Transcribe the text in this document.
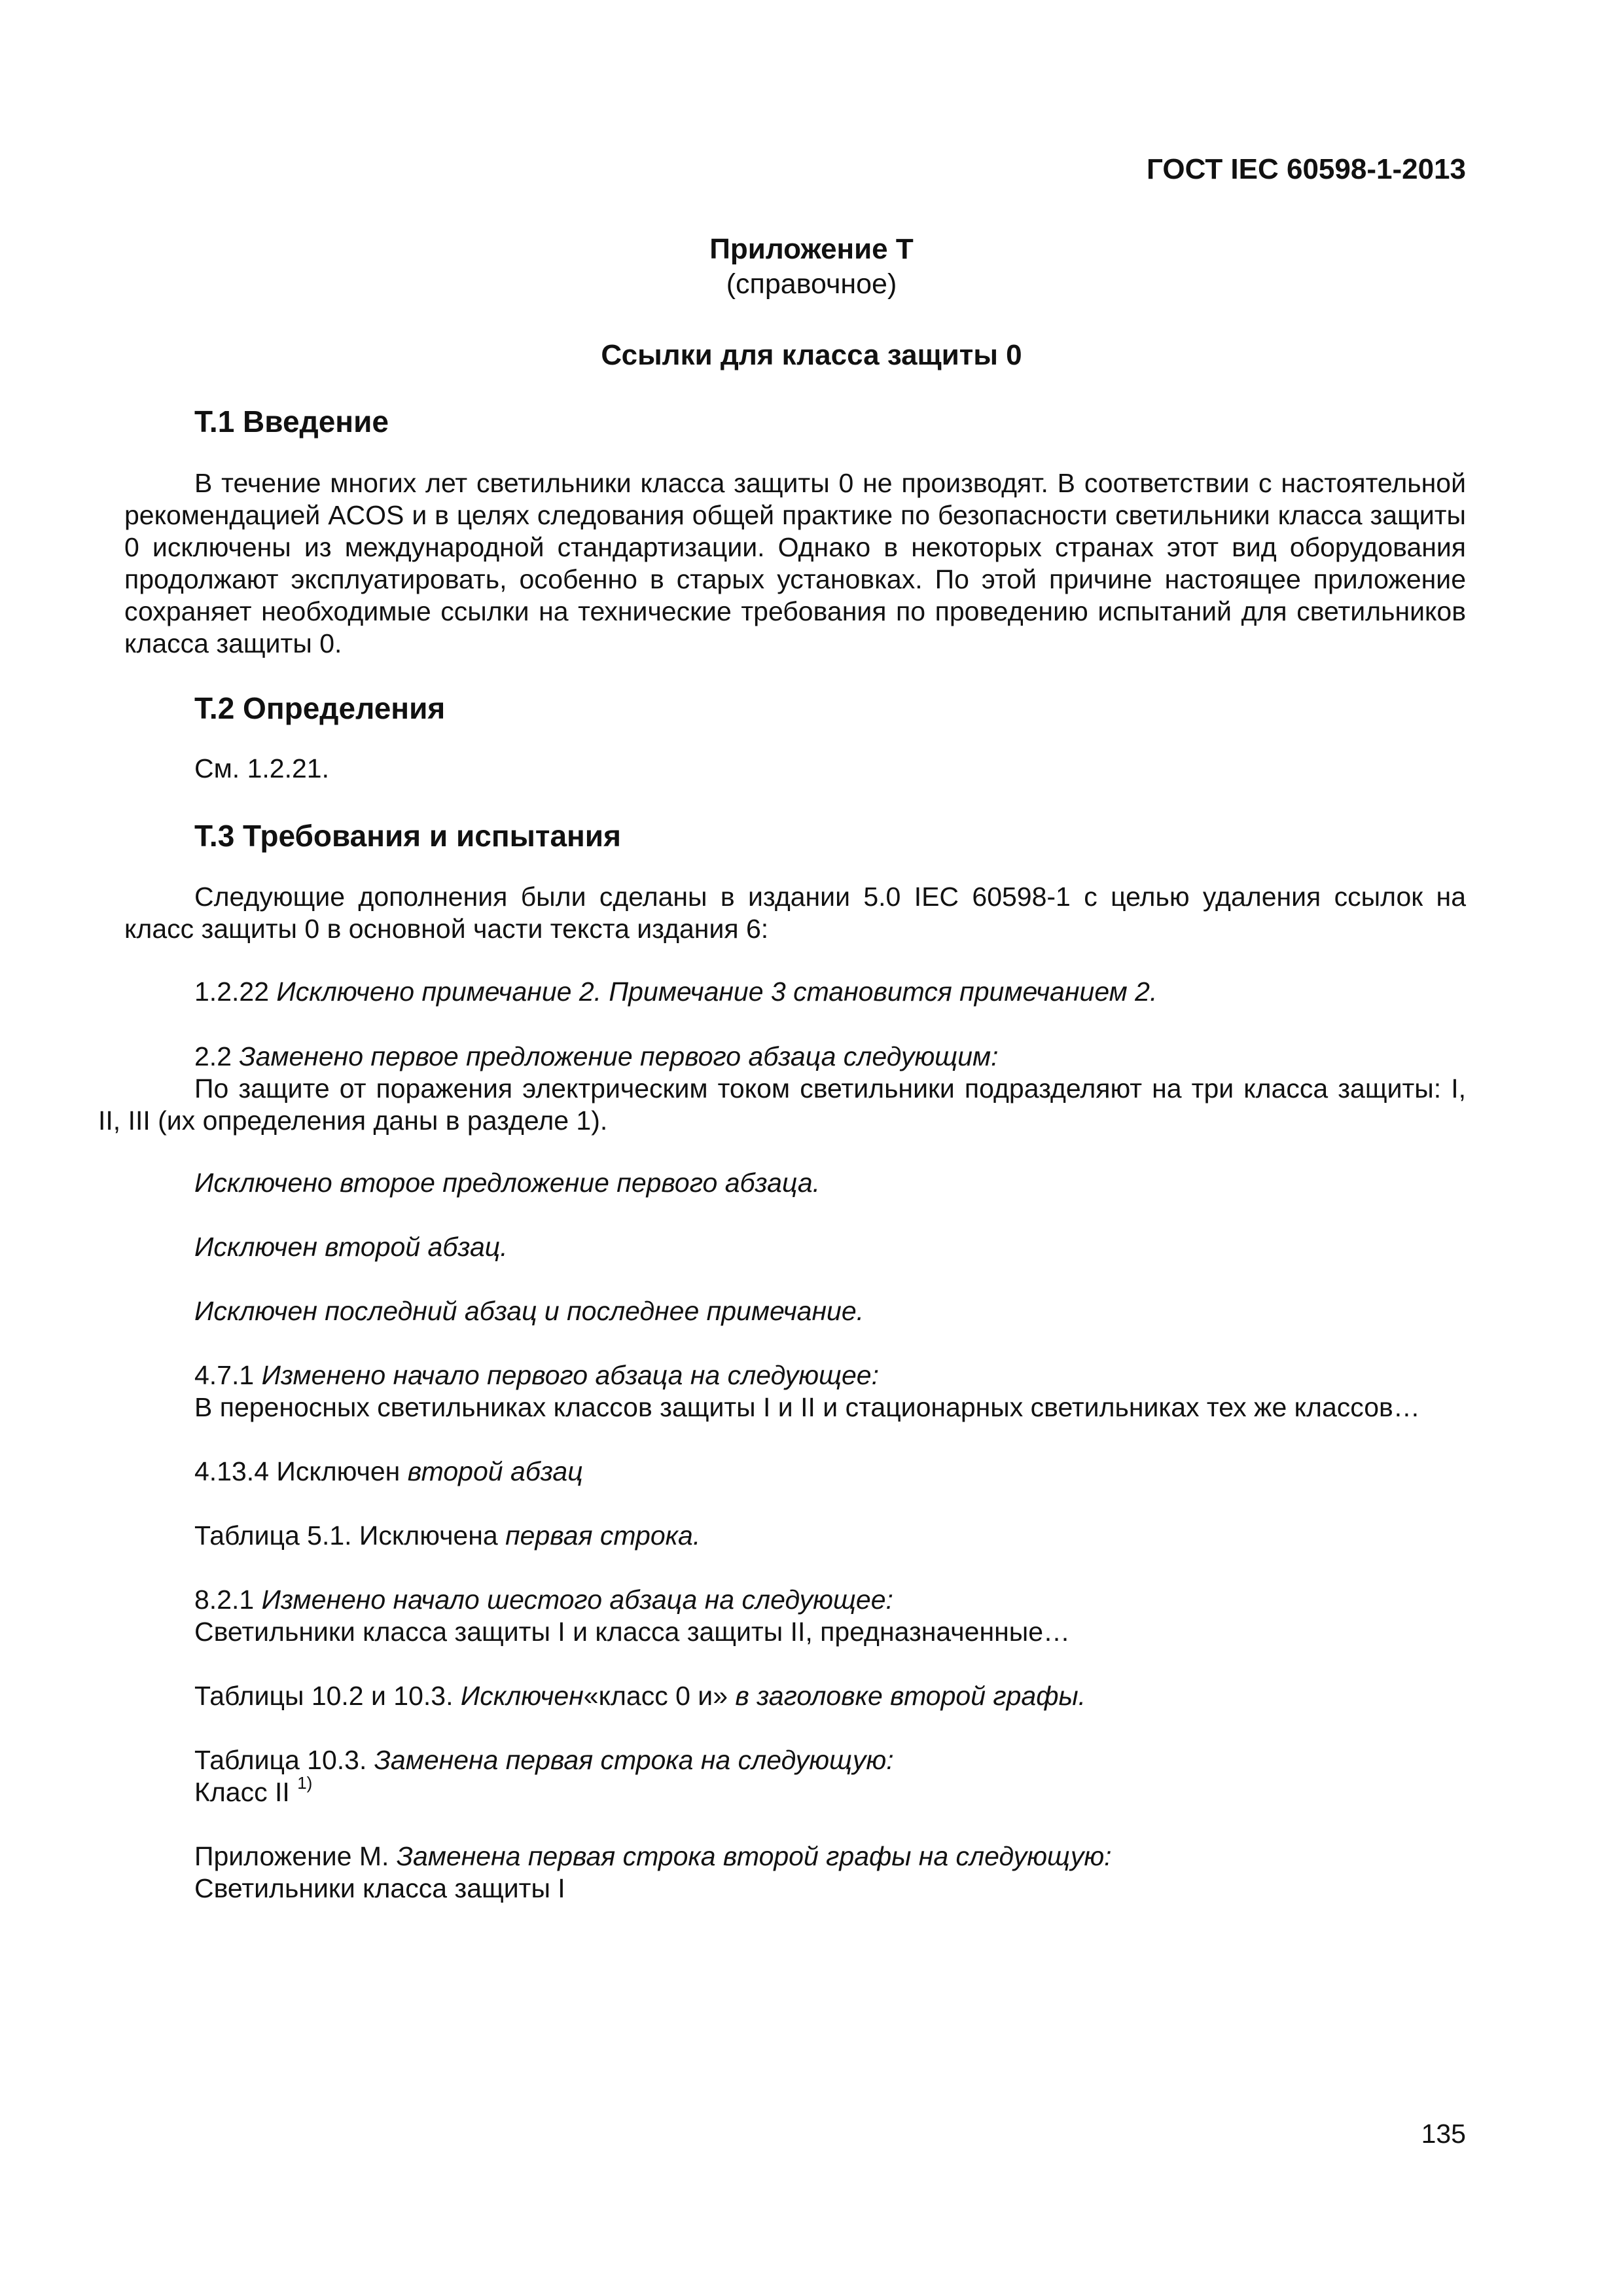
ГОСТ IEC 60598-1-2013
Приложение Т
(справочное)
Ссылки для класса защиты 0
Т.1 Введение
В течение многих лет светильники класса защиты 0 не производят. В соответствии с настоятельной рекомендацией ACOS и в целях следования общей практике по безопасности светильники класса защиты 0 исключены из международной стандартизации. Однако в некоторых странах этот вид оборудования продолжают эксплуатировать, особенно в старых установках. По этой причине настоящее приложение сохраняет необходимые ссылки на технические требования по проведению испытаний для светильников класса защиты 0.
Т.2 Определения
См. 1.2.21.
Т.3 Требования и испытания
Следующие дополнения были сделаны в издании 5.0 IEC 60598-1 с целью удаления ссылок на класс защиты 0 в основной части текста издания 6:
1.2.22 Исключено примечание 2. Примечание 3 становится примечанием 2.
2.2 Заменено первое предложение первого абзаца следующим:
По защите от поражения электрическим током светильники подразделяют на три класса защиты: I, II, III (их определения даны в разделе 1).
Исключено второе предложение первого абзаца.
Исключен второй абзац.
Исключен последний абзац и последнее примечание.
4.7.1 Изменено начало первого абзаца на следующее:
В переносных светильниках классов защиты I и II и стационарных светильниках тех же классов…
4.13.4 Исключен второй абзац
Таблица 5.1. Исключена первая строка.
8.2.1 Изменено начало шестого абзаца на следующее:
Светильники класса защиты I и класса защиты II, предназначенные…
Таблицы 10.2 и 10.3. Исключен«класс 0 и» в заголовке второй графы.
Таблица 10.3. Заменена первая строка на следующую:
Класс II $^{1)}$
Приложение М. Заменена первая строка второй графы на следующую:
Светильники класса защиты I
135
